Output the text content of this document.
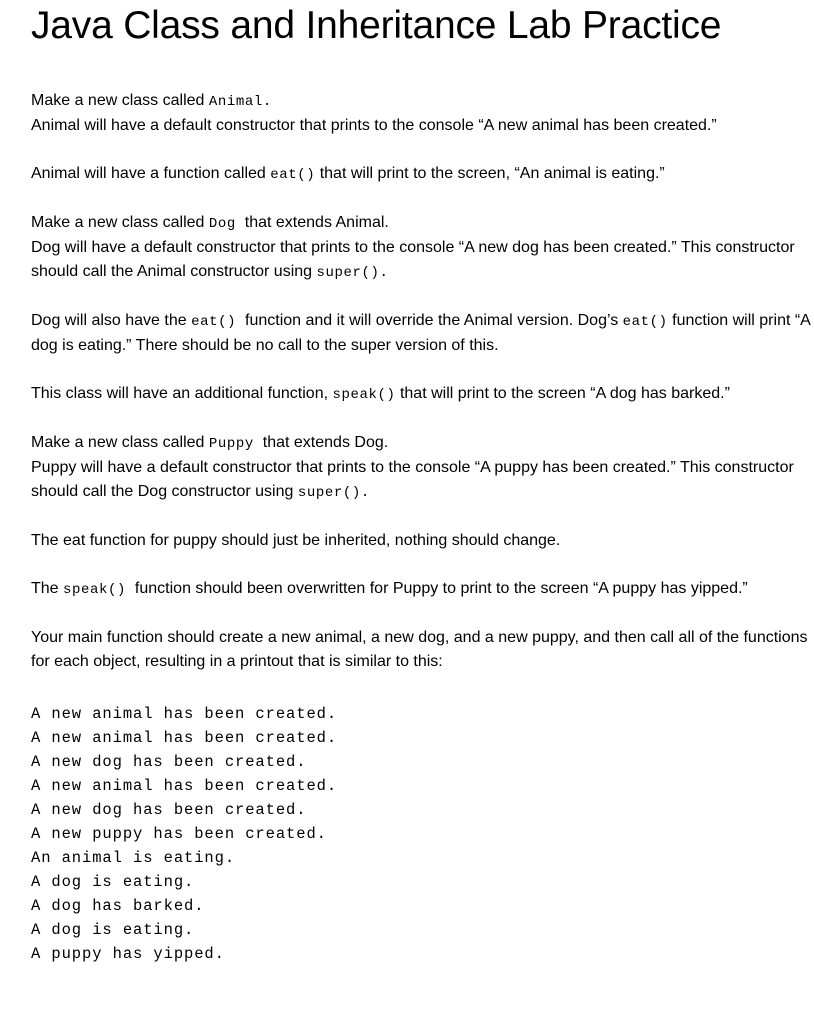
Java Class and Inheritance Lab Practice

Make a new class called Animal.
Animal will have a default constructor that prints to the console “A new animal has been created.”

Animal will have a function called eat() that will print to the screen, “An animal is eating.”

Make a new class called Dog  that extends Animal.
Dog will have a default constructor that prints to the console “A new dog has been created.” This constructor should call the Animal constructor using super().

Dog will also have the eat()  function and it will override the Animal version. Dog’s eat() function will print “A dog is eating.” There should be no call to the super version of this.

This class will have an additional function, speak() that will print to the screen “A dog has barked.”

Make a new class called Puppy  that extends Dog.
Puppy will have a default constructor that prints to the console “A puppy has been created.” This constructor should call the Dog constructor using super().

The eat function for puppy should just be inherited, nothing should change.

The speak()  function should been overwritten for Puppy to print to the screen “A puppy has yipped.”

Your main function should create a new animal, a new dog, and a new puppy, and then call all of the functions for each object, resulting in a printout that is similar to this:

A new animal has been created.
A new animal has been created.
A new dog has been created.
A new animal has been created.
A new dog has been created.
A new puppy has been created.
An animal is eating.
A dog is eating.
A dog has barked.
A dog is eating.
A puppy has yipped.
